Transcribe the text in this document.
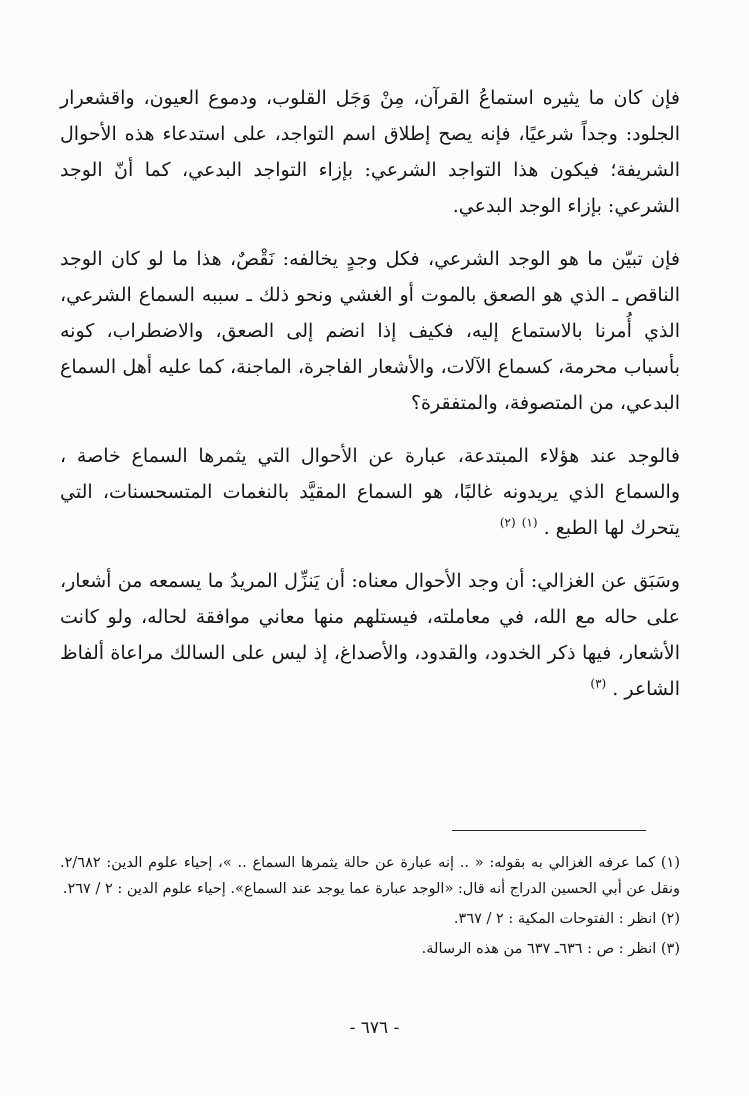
فإن كان ما يثيره استماعُ القرآن، مِنْ وَجَل القلوب، ودموع العيون، واقشعرار الجلود: وجداً شرعيًا، فإنه يصح إطلاق اسم التواجد، على استدعاء هذه الأحوال الشريفة؛ فيكون هذا التواجد الشرعي: بإزاء التواجد البدعي، كما أنّ الوجد الشرعي: بإزاء الوجد البدعي.

فإن تبيّن ما هو الوجد الشرعي، فكل وجدٍ يخالفه: نَقْصٌ، هذا ما لو كان الوجد الناقص ـ الذي هو الصعق بالموت أو الغشي ونحو ذلك ـ سببه السماع الشرعي، الذي أُمرنا بالاستماع إليه، فكيف إذا انضم إلى الصعق، والاضطراب، كونه بأسباب محرمة، كسماع الآلات، والأشعار الفاجرة، الماجنة، كما عليه أهل السماع البدعي، من المتصوفة، والمتفقرة؟

فالوجد عند هؤلاء المبتدعة، عبارة عن الأحوال التي يثمرها السماع خاصة ، والسماع الذي يريدونه غالبًا، هو السماع المقيَّد بالنغمات المتسحسنات، التي يتحرك لها الطبع . $^{(١)}$ $^{(٢)}$

وسَبَق عن الغزالي: أن وجد الأحوال معناه: أن يَنزِّل المريدُ ما يسمعه من أشعار، على حاله مع الله، في معاملته، فيستلهم منها معاني موافقة لحاله، ولو كانت الأشعار، فيها ذكر الخدود، والقدود، والأصداغ، إذ ليس على السالك مراعاة ألفاظ الشاعر . $^{(٣)}$

(١) كما عرفه الغزالي به بقوله: « .. إنه عبارة عن حالة يثمرها السماع .. »، إحياء علوم الدين: ٢/٦٨٢. ونقل عن أبي الحسين الدراج أنه قال: «الوجد عبارة عما يوجد عند السماع». إحياء علوم الدين : ٢ / ٢٦٧.

(٢) انظر : الفتوحات المكية : ٢ / ٣٦٧.

(٣) انظر : ص : ٦٣٦ـ ٦٣٧ من هذه الرسالة.

- ٦٧٦ -
